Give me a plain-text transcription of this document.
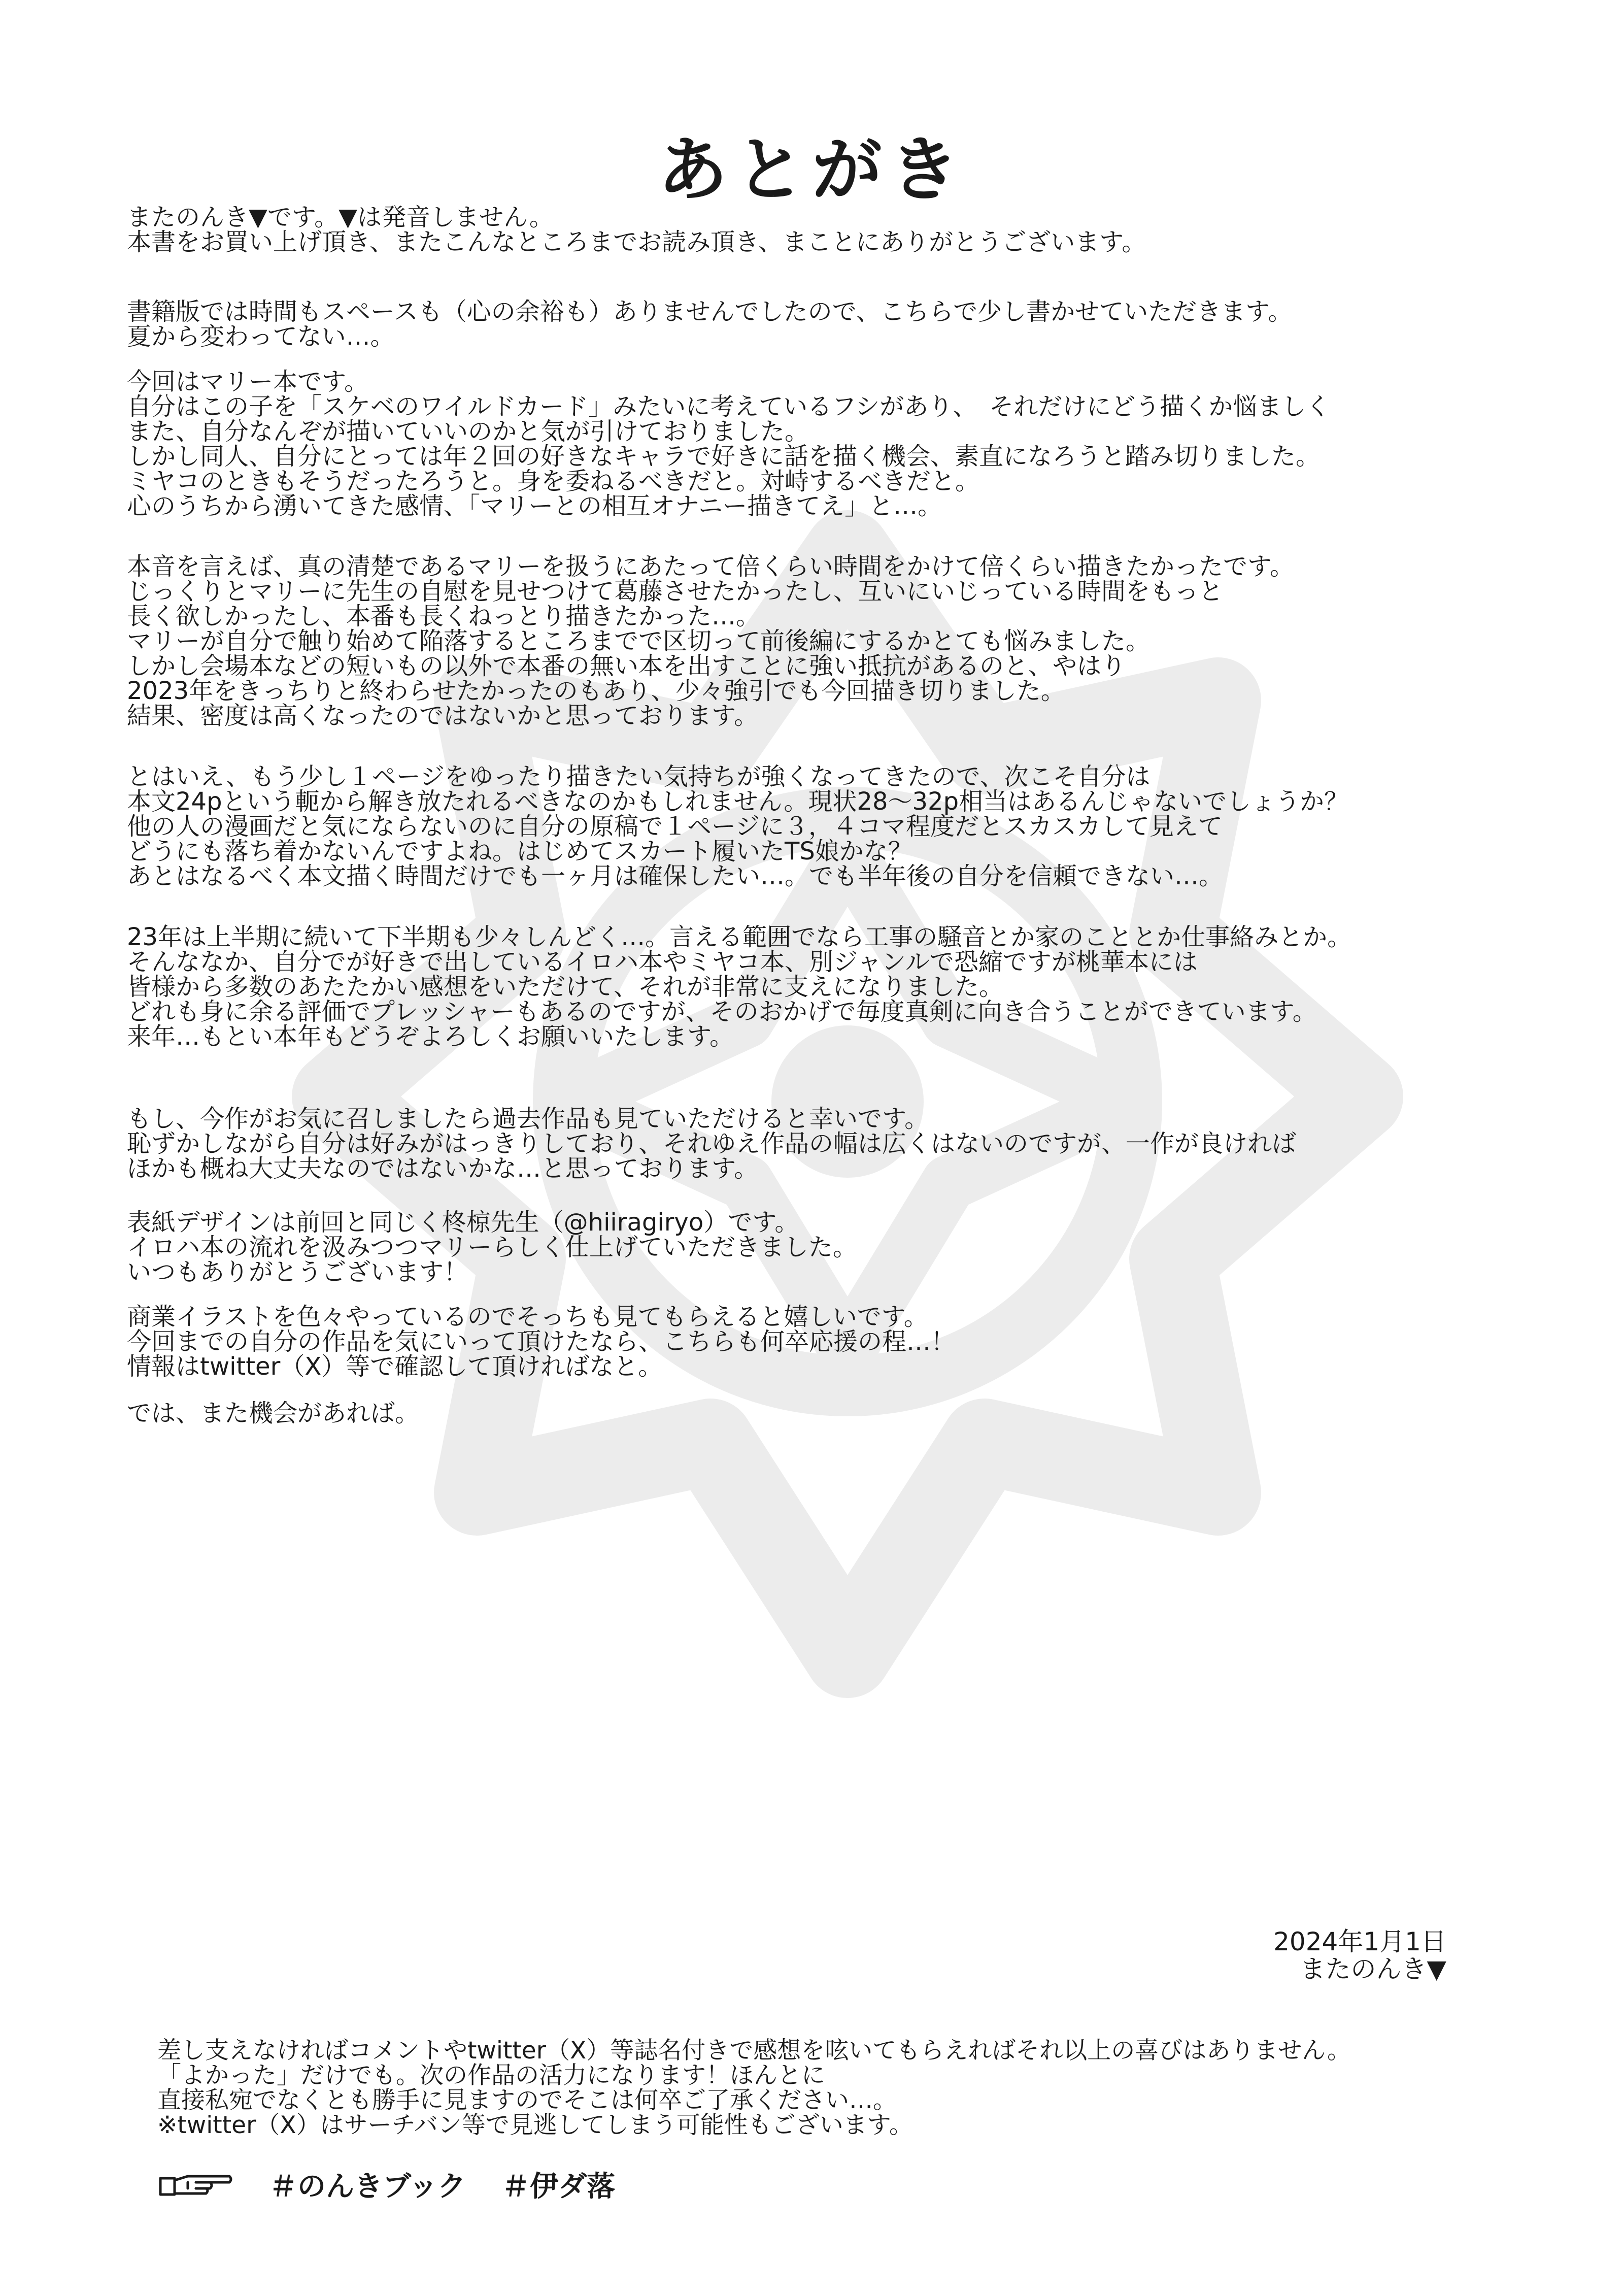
あとがき
またのんき▼です。▼は発音しません。
本書をお買い上げ頂き、またこんなところまでお読み頂き、まことにありがとうございます。
書籍版では時間もスペースも（心の余裕も）ありませんでしたので、こちらで少し書かせていただきます。
夏から変わってない…。
今回はマリー本です。
自分はこの子を「スケベのワイルドカード」みたいに考えているフシがあり、　それだけにどう描くか悩ましく
また、自分なんぞが描いていいのかと気が引けておりました。
しかし同人、自分にとっては年２回の好きなキャラで好きに話を描く機会、素直になろうと踏み切りました。
ミヤコのときもそうだったろうと。身を委ねるべきだと。対峙するべきだと。
心のうちから湧いてきた感情、「マリーとの相互オナニー描きてえ」と…。
本音を言えば、真の清楚であるマリーを扱うにあたって倍くらい時間をかけて倍くらい描きたかったです。
じっくりとマリーに先生の自慰を見せつけて葛藤させたかったし、互いにいじっている時間をもっと
長く欲しかったし、本番も長くねっとり描きたかった…。
マリーが自分で触り始めて陥落するところまでで区切って前後編にするかとても悩みました。
しかし会場本などの短いもの以外で本番の無い本を出すことに強い抵抗があるのと、やはり
2023年をきっちりと終わらせたかったのもあり、少々強引でも今回描き切りました。
結果、密度は高くなったのではないかと思っております。
とはいえ、もう少し１ページをゆったり描きたい気持ちが強くなってきたので、次こそ自分は
本文24pという軛から解き放たれるべきなのかもしれません。現状28～32p相当はあるんじゃないでしょうか？
他の人の漫画だと気にならないのに自分の原稿で１ページに３，４コマ程度だとスカスカして見えて
どうにも落ち着かないんですよね。はじめてスカート履いたTS娘かな？
あとはなるべく本文描く時間だけでも一ヶ月は確保したい…。でも半年後の自分を信頼できない…。
23年は上半期に続いて下半期も少々しんどく…。言える範囲でなら工事の騒音とか家のこととか仕事絡みとか。
そんななか、自分でが好きで出しているイロハ本やミヤコ本、別ジャンルで恐縮ですが桃華本には
皆様から多数のあたたかい感想をいただけて、それが非常に支えになりました。
どれも身に余る評価でプレッシャーもあるのですが、そのおかげで毎度真剣に向き合うことができています。
来年…もとい本年もどうぞよろしくお願いいたします。
もし、今作がお気に召しましたら過去作品も見ていただけると幸いです。
恥ずかしながら自分は好みがはっきりしており、それゆえ作品の幅は広くはないのですが、一作が良ければ
ほかも概ね大丈夫なのではないかな…と思っております。
表紙デザインは前回と同じく柊椋先生（@hiiragiryo）です。
イロハ本の流れを汲みつつマリーらしく仕上げていただきました。
いつもありがとうございます！
商業イラストを色々やっているのでそっちも見てもらえると嬉しいです。
今回までの自分の作品を気にいって頂けたなら、こちらも何卒応援の程…！
情報はtwitter（X）等で確認して頂ければなと。
では、また機会があれば。
2024年1月1日
またのんき▼
差し支えなければコメントやtwitter（X）等誌名付きで感想を呟いてもらえればそれ以上の喜びはありません。
「よかった」だけでも。次の作品の活力になります！ほんとに
直接私宛でなくとも勝手に見ますのでそこは何卒ご了承ください…。
※twitter（X）はサーチバン等で見逃してしまう可能性もございます。
＃のんきブック ＃伊ダ落
